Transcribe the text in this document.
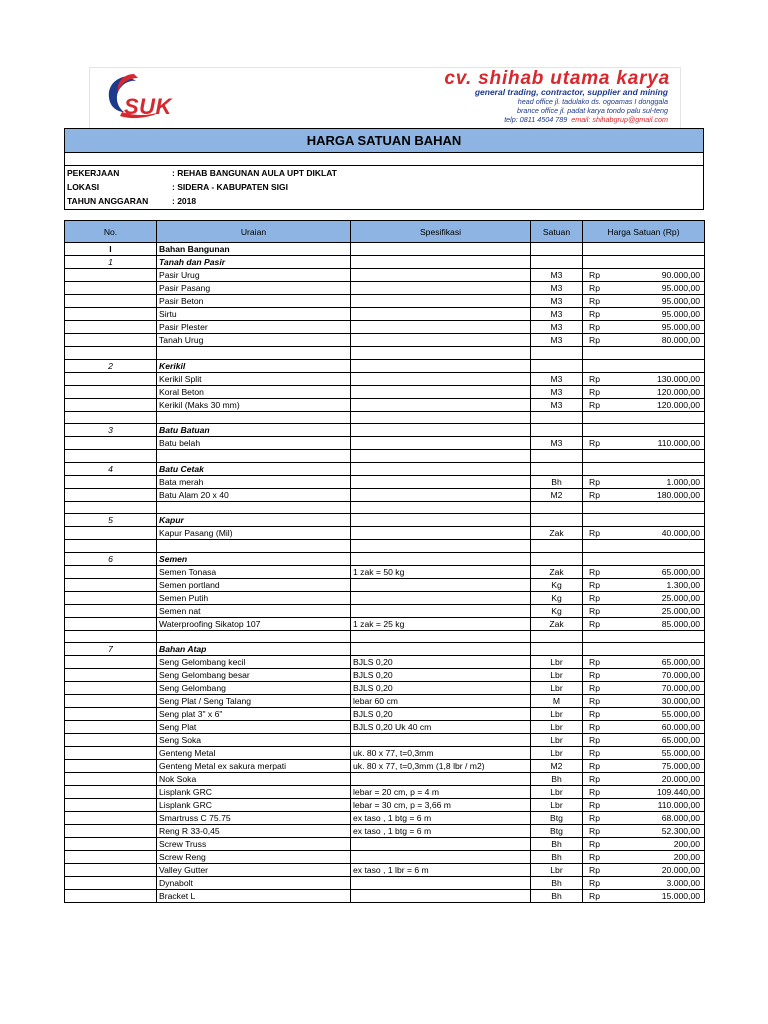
SUK
cv. shihab utama karya
general trading, contractor, supplier and mining
head office jl. tadulako ds. ogoamas I donggala
brance office jl. padat karya tondo palu sul-teng
telp: 0811 4504 789 email: shihabgrup@gmail.com
HARGA SATUAN BAHAN
PEKERJAAN	: REHAB BANGUNAN AULA UPT DIKLAT
LOKASI	: SIDERA - KABUPATEN SIGI
TAHUN ANGGARAN	: 2018
No.	Uraian	Spesifikasi	Satuan	Harga Satuan (Rp)
I	Bahan Bangunan			

1	Tanah dan Pasir			

	Pasir Urug		M3	Rp 90.000,00

	Pasir Pasang		M3	Rp 95.000,00

	Pasir Beton		M3	Rp 95.000,00

	Sirtu		M3	Rp 95.000,00

	Pasir Plester		M3	Rp 95.000,00

	Tanah Urug		M3	Rp 80.000,00

2	Kerikil			

	Kerikil Split		M3	Rp 130.000,00

	Koral Beton		M3	Rp 120.000,00

	Kerikil (Maks 30 mm)		M3	Rp 120.000,00

3	Batu Batuan			

	Batu belah		M3	Rp 110.000,00

4	Batu Cetak			

	Bata merah		Bh	Rp 1.000,00

	Batu Alam 20 x 40		M2	Rp 180.000,00

5	Kapur			

	Kapur Pasang (Mil)		Zak	Rp 40.000,00

6	Semen			

	Semen Tonasa	1 zak = 50 kg	Zak	Rp 65.000,00

	Semen portland		Kg	Rp 1.300,00

	Semen Putih		Kg	Rp 25.000,00

	Semen nat		Kg	Rp 25.000,00

	Waterproofing Sikatop 107	1 zak = 25 kg	Zak	Rp 85.000,00

7	Bahan Atap			

	Seng Gelombang kecil	BJLS 0,20	Lbr	Rp 65.000,00

	Seng Gelombang besar	BJLS 0,20	Lbr	Rp 70.000,00

	Seng Gelombang	BJLS 0,20	Lbr	Rp 70.000,00

	Seng Plat / Seng Talang	lebar 60 cm	M	Rp 30.000,00

	Seng plat 3" x 6"	BJLS 0,20	Lbr	Rp 55.000,00

	Seng Plat	BJLS 0,20 Uk 40 cm	Lbr	Rp 60.000,00

	Seng Soka		Lbr	Rp 65.000,00

	Genteng Metal	uk. 80 x 77, t=0,3mm	Lbr	Rp 55.000,00

	Genteng Metal ex sakura merpati	uk. 80 x 77, t=0,3mm (1,8 lbr / m2)	M2	Rp 75.000,00

	Nok Soka		Bh	Rp 20.000,00

	Lisplank GRC	lebar = 20 cm, p = 4 m	Lbr	Rp 109.440,00

	Lisplank GRC	lebar = 30 cm, p = 3,66 m	Lbr	Rp 110.000,00

	Smartruss C 75.75	ex taso , 1 btg = 6 m	Btg	Rp 68.000,00

	Reng R 33-0,45	ex taso , 1 btg = 6 m	Btg	Rp 52.300,00

	Screw Truss		Bh	Rp 200,00

	Screw Reng		Bh	Rp 200,00

	Valley Gutter	ex taso , 1 lbr = 6 m	Lbr	Rp 20.000,00

	Dynabolt		Bh	Rp 3.000,00

	Bracket L		Bh	Rp 15.000,00
